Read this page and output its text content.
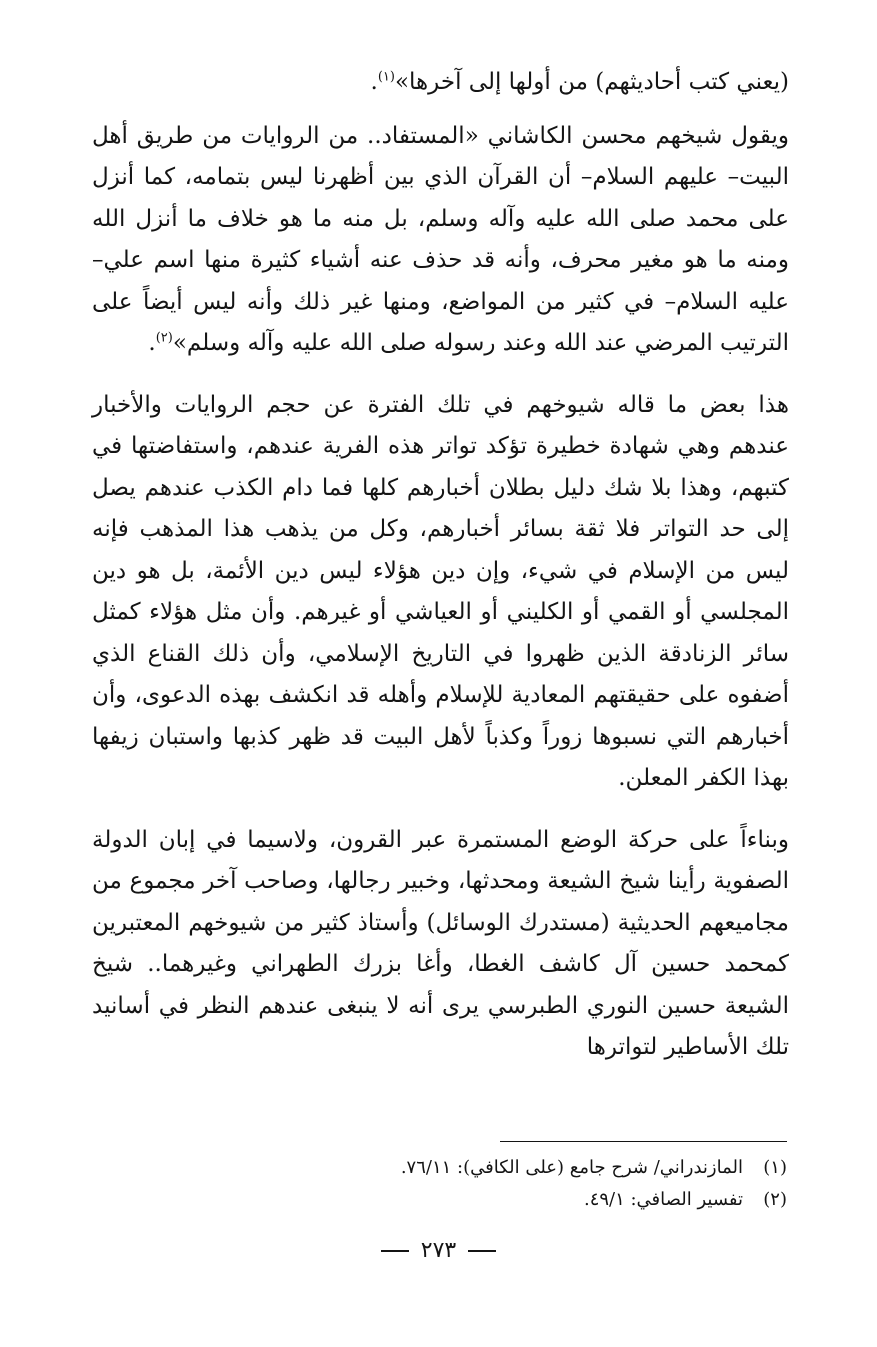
(يعني كتب أحاديثهم) من أولها إلى آخرها»$^{(١)}$.

ويقول شيخهم محسن الكاشاني «المستفاد.. من الروايات من طريق أهل البيت– عليهم السلام– أن القرآن الذي بين أظهرنا ليس بتمامه، كما أنزل على محمد صلى الله عليه وآله وسلم، بل منه ما هو خلاف ما أنزل الله ومنه ما هو مغير محرف، وأنه قد حذف عنه أشياء كثيرة منها اسم علي– عليه السلام– في كثير من المواضع، ومنها غير ذلك وأنه ليس أيضاً على الترتيب المرضي عند الله وعند رسوله صلى الله عليه وآله وسلم»$^{(٢)}$.

هذا بعض ما قاله شيوخهم في تلك الفترة عن حجم الروايات والأخبار عندهم وهي شهادة خطيرة تؤكد تواتر هذه الفرية عندهم، واستفاضتها في كتبهم، وهذا بلا شك دليل بطلان أخبارهم كلها فما دام الكذب عندهم يصل إلى حد التواتر فلا ثقة بسائر أخبارهم، وكل من يذهب هذا المذهب فإنه ليس من الإسلام في شيء، وإن دين هؤلاء ليس دين الأئمة، بل هو دين المجلسي أو القمي أو الكليني أو العياشي أو غيرهم. وأن مثل هؤلاء كمثل سائر الزنادقة الذين ظهروا في التاريخ الإسلامي، وأن ذلك القناع الذي أضفوه على حقيقتهم المعادية للإسلام وأهله قد انكشف بهذه الدعوى، وأن أخبارهم التي نسبوها زوراً وكذباً لأهل البيت قد ظهر كذبها واستبان زيفها بهذا الكفر المعلن.

وبناءاً على حركة الوضع المستمرة عبر القرون، ولاسيما في إبان الدولة الصفوية رأينا شيخ الشيعة ومحدثها، وخبير رجالها، وصاحب آخر مجموع من مجاميعهم الحديثية (مستدرك الوسائل) وأستاذ كثير من شيوخهم المعتبرين كمحمد حسين آل كاشف الغطا، وأغا بزرك الطهراني وغيرهما.. شيخ الشيعة حسين النوري الطبرسي يرى أنه لا ينبغى عندهم النظر في أسانيد تلك الأساطير لتواترها

(١)المازندراني/ شرح جامع (على الكافي): ٧٦/١١.
(٢)تفسير الصافي: ٤٩/١.
٢٧٣
